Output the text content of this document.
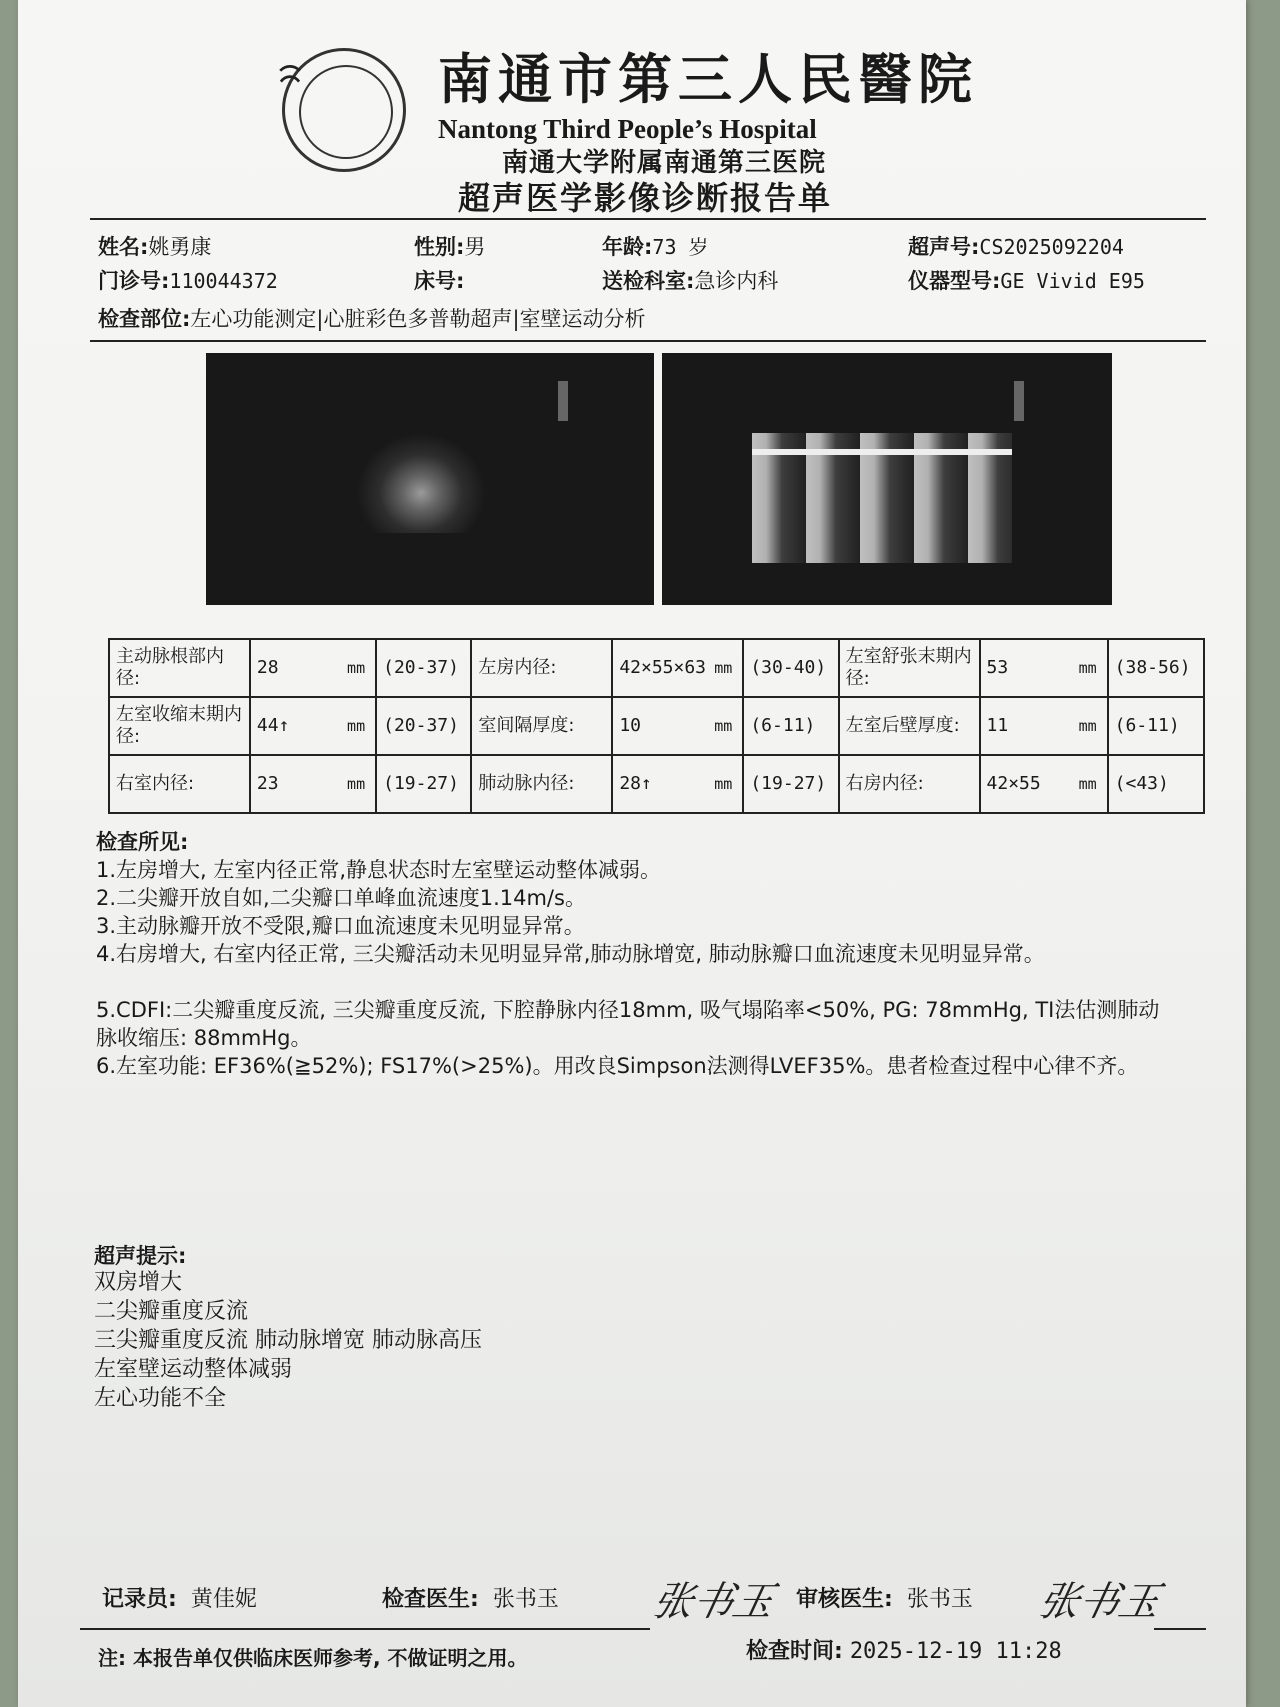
南通市第三人民醫院
Nantong Third People’s Hospital
南通大学附属南通第三医院
超声医学影像诊断报告单
姓名:姚勇康	性别:男	年龄:73 岁	超声号:CS2025092204
门诊号:110044372	床号:	送检科室:急诊内科	仪器型号:GE Vivid E95
检查部位:左心功能测定|心脏彩色多普勒超声|室壁运动分析
主动脉根部内径:	28 mm	(20-37)	左房内径:	42×55×63 mm	(30-40)	左室舒张末期内径:	53 mm	(38-56)
左室收缩末期内径:	44↑ mm	(20-37)	室间隔厚度:	10 mm	(6-11)	左室后壁厚度:	11 mm	(6-11)
右室内径:	23 mm	(19-27)	肺动脉内径:	28↑ mm	(19-27)	右房内径:	42×55 mm	(<43)
检查所见:
1.左房增大, 左室内径正常,静息状态时左室壁运动整体减弱。
2.二尖瓣开放自如,二尖瓣口单峰血流速度1.14m/s。
3.主动脉瓣开放不受限,瓣口血流速度未见明显异常。
4.右房增大, 右室内径正常, 三尖瓣活动未见明显异常,肺动脉增宽, 肺动脉瓣口血流速度未见明显异常。
5.CDFI:二尖瓣重度反流, 三尖瓣重度反流, 下腔静脉内径18mm, 吸气塌陷率<50%, PG: 78mmHg, TI法估测肺动脉收缩压: 88mmHg。
6.左室功能: EF36%(≧52%); FS17%(>25%)。用改良Simpson法测得LVEF35%。患者检查过程中心律不齐。
超声提示:
双房增大
二尖瓣重度反流
三尖瓣重度反流 肺动脉增宽 肺动脉高压
左室壁运动整体减弱
左心功能不全
记录员: 黄佳妮	检查医生: 张书玉 张书玉 审核医生: 张书玉 张书玉
注: 本报告单仅供临床医师参考, 不做证明之用。	检查时间: 2025-12-19 11:28
